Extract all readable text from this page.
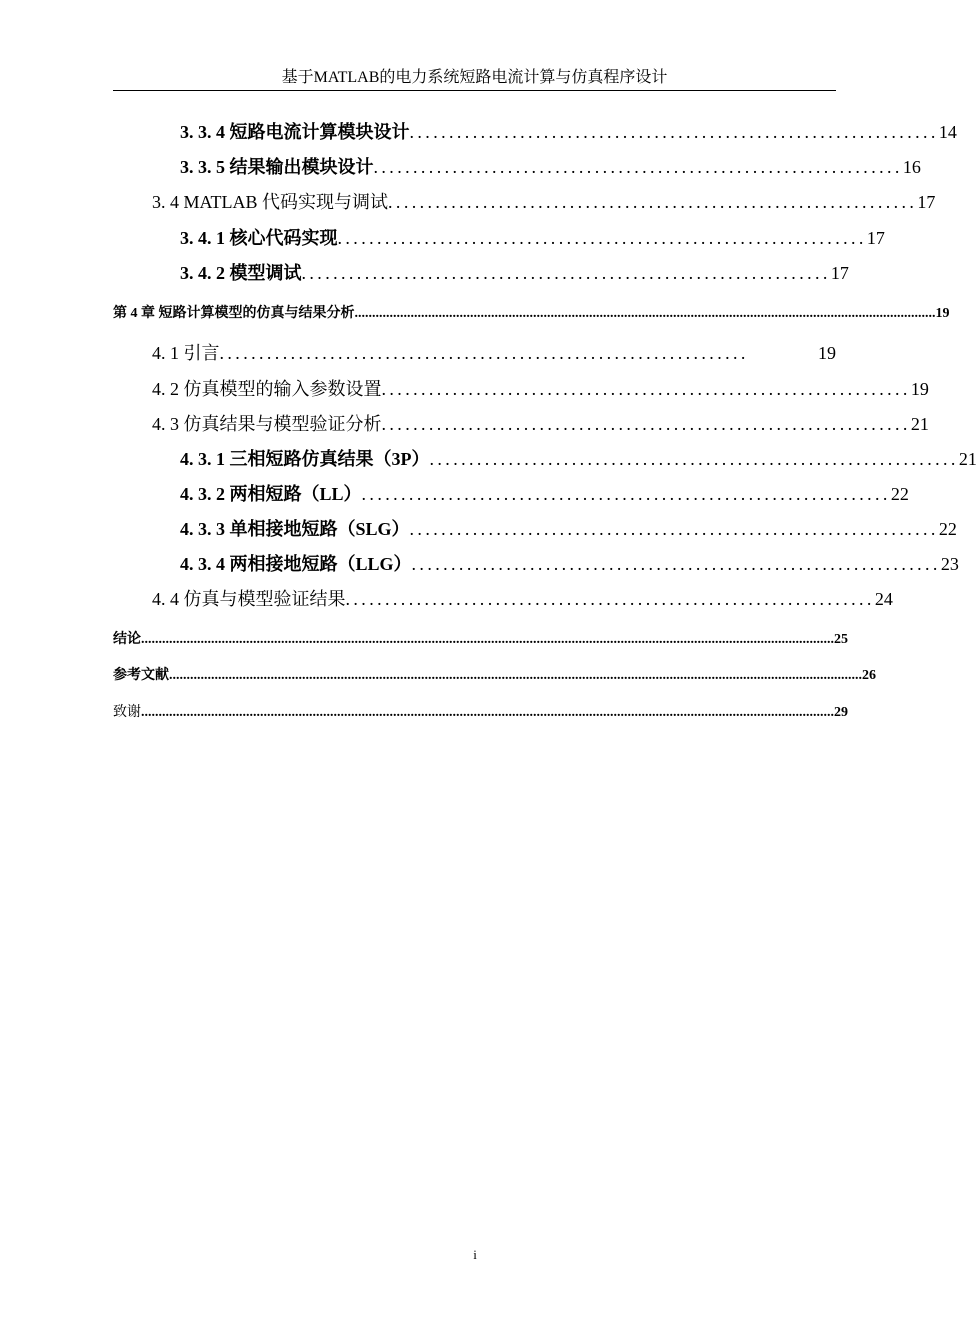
基于MATLAB的电力系统短路电流计算与仿真程序设计
3. 3. 4 短路电流计算模块设计 ................................................................... 14
3. 3. 5 结果输出模块设计 ................................................................... 16
3. 4 MATLAB 代码实现与调试 ................................................................... 17
3. 4. 1 核心代码实现 ................................................................... 17
3. 4. 2 模型调试 ................................................................... 17
第 4 章 短路计算模型的仿真与结果分析 ...................................................................................................................................................................... 19
4. 1 引言 ...................................................................	19
4. 2 仿真模型的输入参数设置 ................................................................... 19
4. 3 仿真结果与模型验证分析 ................................................................... 21
4. 3. 1 三相短路仿真结果（3P） ................................................................... 21
4. 3. 2 两相短路（LL） ................................................................... 22
4. 3. 3 单相接地短路（SLG） ................................................................... 22
4. 3. 4 两相接地短路（LLG） ................................................................... 23
4. 4 仿真与模型验证结果 ................................................................... 24
结论 ...................................................................................................................................................................................................... 25
参考文献 ...................................................................................................................................................................................................... 26
致谢 ...................................................................................................................................................................................................... 29
i
